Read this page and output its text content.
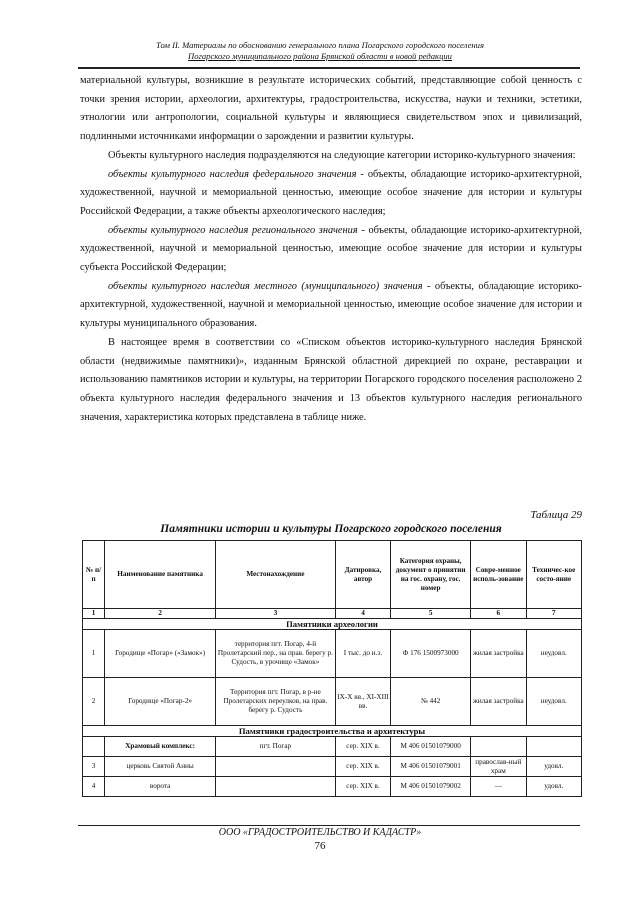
Том II. Материалы по обоснованию генерального плана Погарского городского поселения
Погарского муниципального района Брянской области в новой редакции

материальной культуры, возникшие в результате исторических событий, представляющие собой ценность с точки зрения истории, археологии, архитектуры, градостроительства, искусства, науки и техники, эстетики, этнологии или антропологии, социальной культуры и являющиеся свидетельством эпох и цивилизаций, подлинными источниками информации о зарождении и развитии культуры.

Объекты культурного наследия подразделяются на следующие категории историко-культурного значения:

объекты культурного наследия федерального значения - объекты, обладающие историко-архитектурной, художественной, научной и мемориальной ценностью, имеющие особое значение для истории и культуры Российской Федерации, а также объекты археологического наследия;

объекты культурного наследия регионального значения - объекты, обладающие историко-архитектурной, художественной, научной и мемориальной ценностью, имеющие особое значение для истории и культуры субъекта Российской Федерации;

объекты культурного наследия местного (муниципального) значения - объекты, обладающие историко-архитектурной, художественной, научной и мемориальной ценностью, имеющие особое значение для истории и культуры муниципального образования.

В настоящее время в соответствии со «Списком объектов историко-культурного наследия Брянской области (недвижимые памятники)», изданным Брянской областной дирекцией по охране, реставрации и использованию памятников истории и культуры, на территории Погарского городского поселения расположено 2 объекта культурного наследия федерального значения и 13 объектов культурного наследия регионального значения, характеристика которых представлена в таблице ниже.

Таблица 29
Памятники истории и культуры Погарского городского поселения
№ п/п	Наименование памятника	Местонахождение	Датировка, автор	Категория охраны, документ о принятии на гос. охрану, гос. номер	Совре-менное исполь-зование	Техничес-кое состо-яние
1	2	3	4	5	6	7
Памятники археологии						
1	Городище «Погар» («Замок»)	территория пгт. Погар, 4-й Пролетарский пер., на прав. берегу р. Судость, в урочище «Замок»	I тыс. до н.э.	Ф 176 1500973000	жилая застройка	неудовл.
2	Городище «Погар-2»	Территория пгт. Погар, в р-не Пролетарских переулков, на прав. берегу р. Судость	IX-X вв., XI-XIII вв.	№ 442	жилая застройка	неудовл.
Памятники градостроительства и архитектуры						
	Храмовый комплекс:	пгт. Погар	сер. XIX в.	М 406 01501079000		
3	церковь Святой Анны		сер. XIX в.	М 406 01501079001	православ-ный храм	удовл.
4	ворота		сер. XIX в.	М 406 01501079002	—	удовл.
ООО «ГРАДОСТРОИТЕЛЬСТВО И КАДАСТР»
76
